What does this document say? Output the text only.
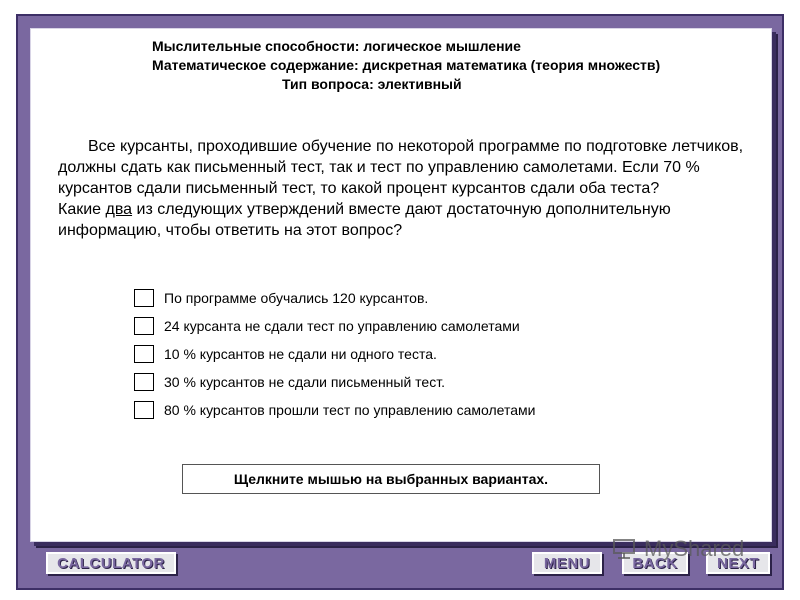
Мыслительные способности: логическое мышление
Математическое содержание: дискретная математика (теория множеств)
Тип вопроса: элективный

Все курсанты, проходившие обучение по некоторой программе по подготовке летчиков, должны сдать как письменный тест, так и тест по управлению самолетами. Если 70 % курсантов сдали письменный тест, то какой процент курсантов сдали оба теста?

Какие два из следующих утверждений вместе дают достаточную дополнительную информацию, чтобы ответить на этот вопрос?

По программе обучались 120 курсантов.
24 курсанта не сдали тест по управлению самолетами
10 % курсантов не сдали ни одного теста.
30 % курсантов не сдали письменный тест.
80 % курсантов прошли тест по управлению самолетами
Щелкните мышью на выбранных вариантах.
CALCULATOR	MENU	BACK	NEXT
MyShared
